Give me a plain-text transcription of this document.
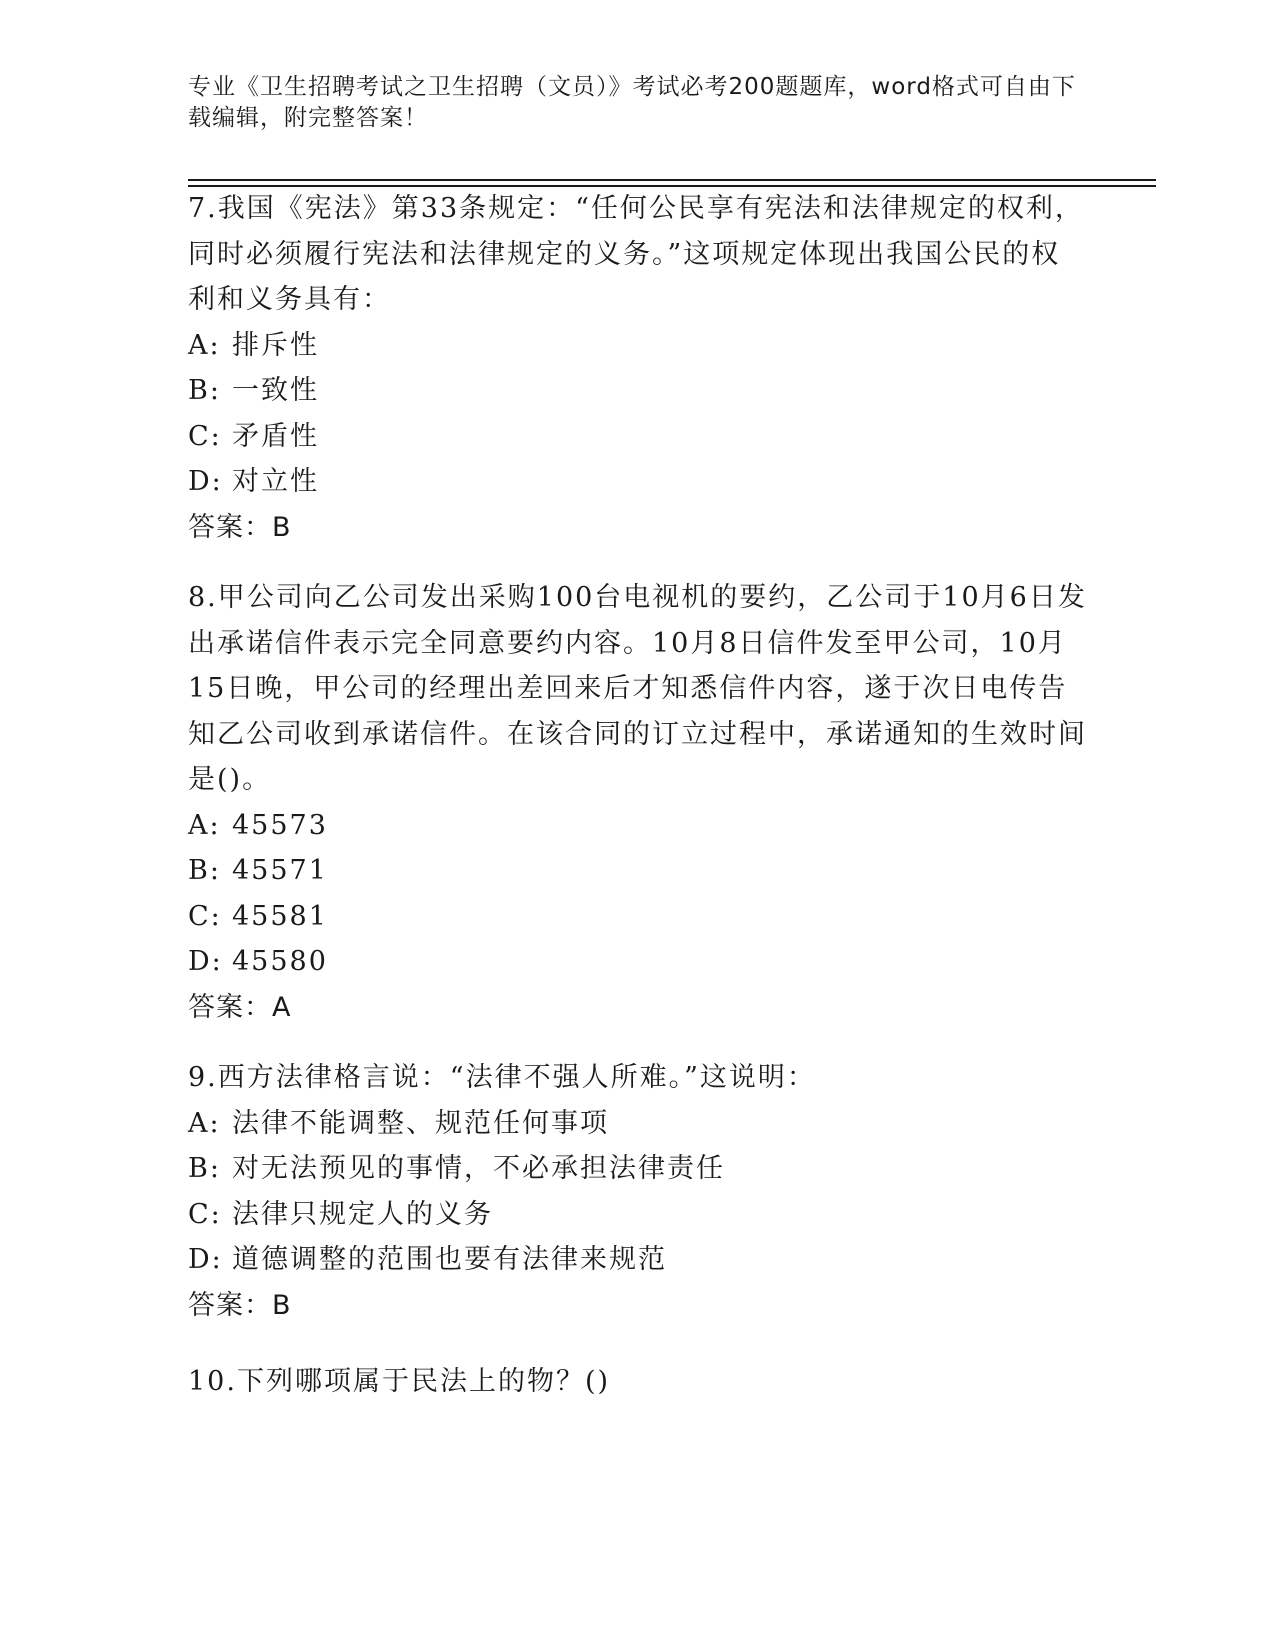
专业《卫生招聘考试之卫生招聘（文员）》考试必考200题题库，word格式可自由下载编辑，附完整答案！
7.我国《宪法》第33条规定：“任何公民享有宪法和法律规定的权利，同时必须履行宪法和法律规定的义务。”这项规定体现出我国公民的权利和义务具有：
A: 排斥性
B: 一致性
C: 矛盾性
D: 对立性
答案：B
8.甲公司向乙公司发出采购100台电视机的要约，乙公司于10月6日发出承诺信件表示完全同意要约内容。10月8日信件发至甲公司，10月15日晚，甲公司的经理出差回来后才知悉信件内容，遂于次日电传告知乙公司收到承诺信件。在该合同的订立过程中，承诺通知的生效时间是()。
A: 45573
B: 45571
C: 45581
D: 45580
答案：A
9.西方法律格言说：“法律不强人所难。”这说明：
A: 法律不能调整、规范任何事项
B: 对无法预见的事情，不必承担法律责任
C: 法律只规定人的义务
D: 道德调整的范围也要有法律来规范
答案：B
10.下列哪项属于民法上的物？()
